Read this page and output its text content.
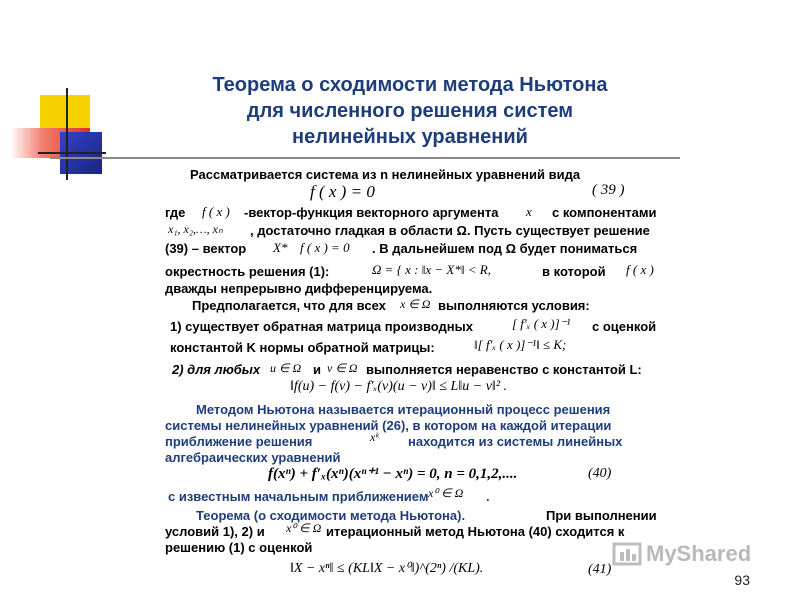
Теорема о сходимости метода Ньютона
для численного решения систем
нелинейных уравнений
Рассматривается система из n нелинейных уравнений вида
f ( x ) = 0	( 39 )
где f ( x ) -вектор-функция векторного аргумента x с компонентами
x₁, x₂,…, xₙ , достаточно гладкая в области Ω. Пусть существует решение
(39) – вектор X* f ( x ) = 0 . В дальнейшем под Ω будет пониматься
окрестность решения (1):	Ω = { x : ‖x − X*‖ < R,	в которой f ( x )
дважды непрерывно дифференцируема.
Предполагается, что для всех x ∈ Ω выполняются условия:
1) существует обратная матрица производных	[ f′ₓ ( x )]⁻¹ с оценкой
константой K нормы обратной матрицы:	‖[ f′ₓ ( x )]⁻¹‖ ≤ K;
2) для любых u ∈ Ω и v ∈ Ω выполняется неравенство с константой L:
‖f(u) − f(v) − f′ₓ(v)(u − v)‖ ≤ L‖u − v‖² .
Методом Ньютона называется итерационный процесс решения
системы нелинейных уравнений (26), в котором на каждой итерации
приближение решения	xᵏ находится из системы линейных
алгебраических уравнений
f(xⁿ) + f′ₓ(xⁿ)(xⁿ⁺¹ − xⁿ) = 0, n = 0,1,2,....	(40)
с известным начальным приближением x⁰ ∈ Ω .
Теорема (о сходимости метода Ньютона).	При выполнении
условий 1), 2) и x⁰ ∈ Ω итерационный метод Ньютона (40) сходится к
решению (1) с оценкой
‖X − xⁿ‖ ≤ (KL‖X − x⁰‖)^(2ⁿ) /(KL).	(41)
MyShared
93
